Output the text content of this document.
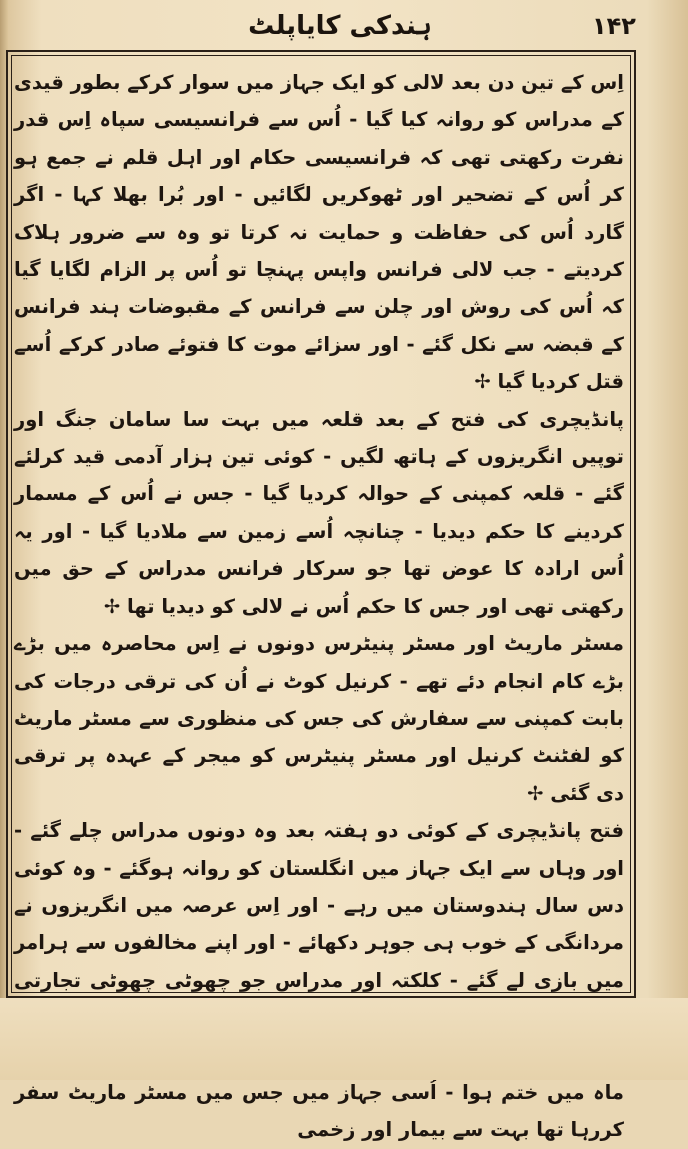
ہندکی کایاپلٹ	۱۴۲

اِس کے تین دن بعد لالی کو ایک جہاز میں سوار کرکے بطور قیدی کے مدراس کو روانہ کیا گیا - اُس سے فرانسیسی سپاہ اِس قدر نفرت رکھتی تھی کہ فرانسیسی حکام اور اہل قلم نے جمع ہو کر اُس کے تضحیر اور ٹھوکریں لگائیں - اور بُرا بھلا کہا - اگر گارد اُس کی حفاظت و حمایت نہ کرتا تو وہ سے ضرور ہلاک کردیتے - جب لالی فرانس واپس پہنچا تو اُس پر الزام لگایا گیا کہ اُس کی روش اور چلن سے فرانس کے مقبوضات ہند فرانس کے قبضہ سے نکل گئے - اور سزائے موت کا فتوئے صادر کرکے اُسے قتل کردیا گیا ✢

پانڈیچری کی فتح کے بعد قلعہ میں بہت سا سامان جنگ اور توپیں انگریزوں کے ہاتھ لگیں - کوئی تین ہزار آدمی قید کرلئے گئے - قلعہ کمپنی کے حوالہ کردیا گیا - جس نے اُس کے مسمار کردینے کا حکم دیدیا - چنانچہ اُسے زمین سے ملادیا گیا - اور یہ اُس ارادہ کا عوض تھا جو سرکار فرانس مدراس کے حق میں رکھتی تھی اور جس کا حکم اُس نے لالی کو دیدیا تھا ✢

مسٹر ماریٹ اور مسٹر پنیٹرس دونوں نے اِس محاصرہ میں بڑے بڑے کام انجام دئے تھے - کرنیل کوٹ نے اُن کی ترقی درجات کی بابت کمپنی سے سفارش کی جس کی منظوری سے مسٹر ماریٹ کو لفٹنٹ کرنیل اور مسٹر پنیٹرس کو میجر کے عہدہ پر ترقی دی گئی ✢

فتح پانڈیچری کے کوئی دو ہفتہ بعد وہ دونوں مدراس چلے گئے - اور وہاں سے ایک جہاز میں انگلستان کو روانہ ہوگئے - وہ کوئی دس سال ہندوستان میں رہے - اور اِس عرصہ میں انگریزوں نے مردانگی کے خوب ہی جوہر دکھائے - اور اپنے مخالفوں سے ہرامر میں بازی لے گئے - کلکتہ اور مدراس جو چھوٹی چھوٹی تجارتی

ماہ میں ختم ہوا - اُسی جہاز میں جس میں مسٹر ماریٹ سفر کررہا تھا بہت سے بیمار اور زخمی
